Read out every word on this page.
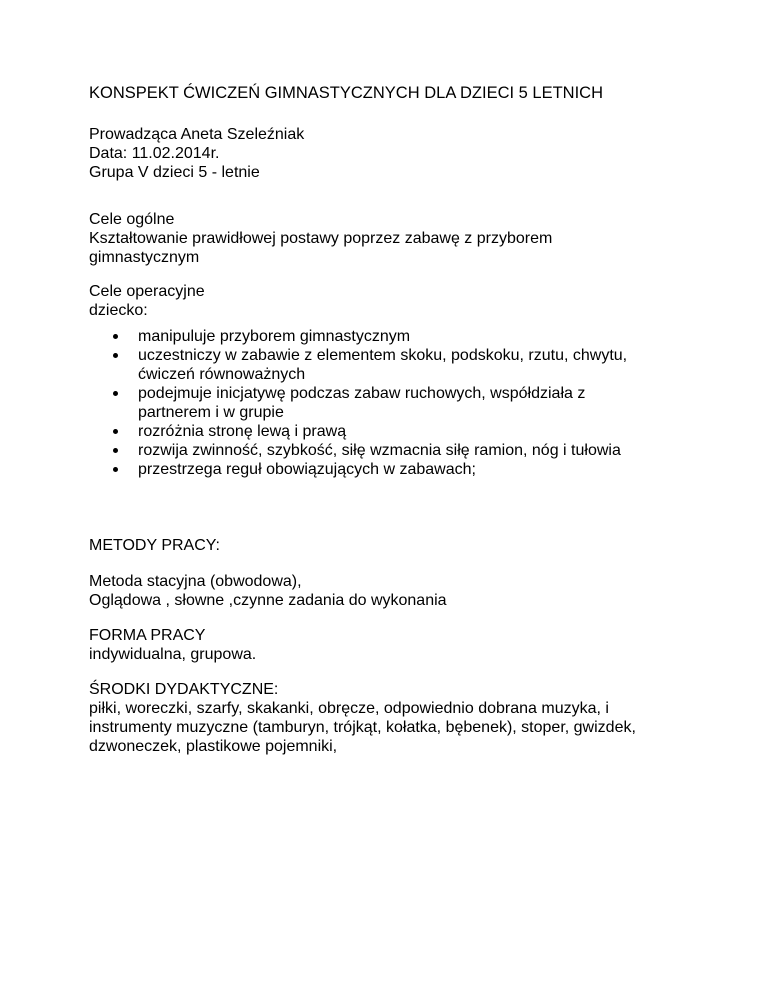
KONSPEKT ĆWICZEŃ GIMNASTYCZNYCH DLA DZIECI 5 LETNICH
Prowadząca Aneta Szeleźniak
Data: 11.02.2014r.
Grupa V dzieci 5 - letnie
Cele ogólne
Kształtowanie prawidłowej postawy poprzez zabawę z przyborem
gimnastycznym
Cele operacyjne
dziecko:
manipuluje przyborem gimnastycznym
uczestniczy w zabawie z elementem skoku, podskoku, rzutu, chwytu,
ćwiczeń równoważnych
podejmuje inicjatywę podczas zabaw ruchowych, współdziała z
partnerem i w grupie
rozróżnia stronę lewą i prawą
rozwija zwinność, szybkość, siłę wzmacnia siłę ramion, nóg i tułowia
przestrzega reguł obowiązujących w zabawach;
METODY PRACY:
Metoda stacyjna (obwodowa),
Oglądowa , słowne ,czynne zadania do wykonania
FORMA PRACY
indywidualna, grupowa.
ŚRODKI DYDAKTYCZNE:
piłki, woreczki, szarfy, skakanki, obręcze, odpowiednio dobrana muzyka, i
instrumenty muzyczne (tamburyn, trójkąt, kołatka, bębenek), stoper, gwizdek,
dzwoneczek, plastikowe pojemniki,
